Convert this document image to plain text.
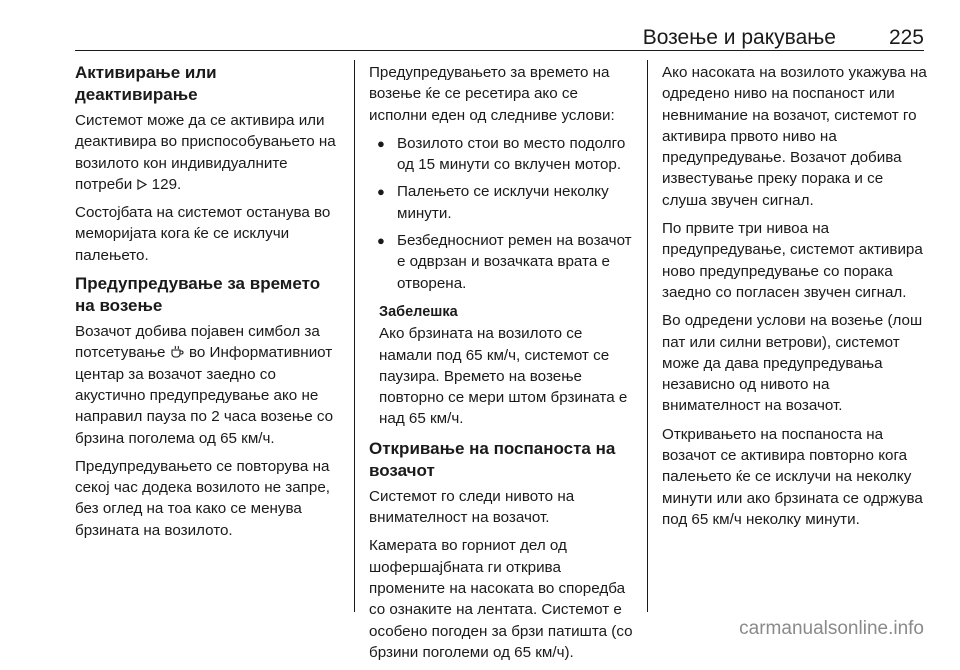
Возење и ракување	225
Активирање или деактивирање

Системот може да се активира или деактивира во приспособувањето на возилото кон индивидуалните потреби 129.

Состојбата на системот останува во меморијата кога ќе се исклучи палењето.

Предупредување за времето на возење

Возачот добива појавен симбол за потсетување во Информативниот центар за возачот заедно со акустично предупредување ако не направил пауза по 2 часа возење со брзина поголема од 65 км/ч.

Предупредувањето се повторува на секој час додека возилото не запре, без оглед на тоа како се менува брзината на возилото.

Предупредувањето за времето на возење ќе се ресетира ако се исполни еден од следниве услови:

● Возилото стои во место подолго од 15 минути со вклучен мотор.
● Палењето се исклучи неколку минути.
● Безбедносниот ремен на возачот е одврзан и возачката врата е отворена.
Забелешка
Ако брзината на возилото се намали под 65 км/ч, системот се паузира. Времето на возење повторно се мери штом брзината е над 65 км/ч.
Откривање на поспаноста на возачот

Системот го следи нивото на внимателност на возачот.

Камерата во горниот дел од шофершајбната ги открива промените на насоката во споредба со ознаките на лентата. Системот е особено погоден за брзи патишта (со брзини поголеми од 65 км/ч).

Ако насоката на возилото укажува на одредено ниво на поспаност или невнимание на возачот, системот го активира првото ниво на предупредување. Возачот добива известување преку порака и се слуша звучен сигнал.

По првите три нивоа на предупредување, системот активира ново предупредување со порака заедно со погласен звучен сигнал.

Во одредени услови на возење (лош пат или силни ветрови), системот може да дава предупредувања независно од нивото на внимателност на возачот.

Откривањето на поспаноста на возачот се активира повторно кога палењето ќе се исклучи на неколку минути или ако брзината се одржува под 65 км/ч неколку минути.

carmanualsonline.info
